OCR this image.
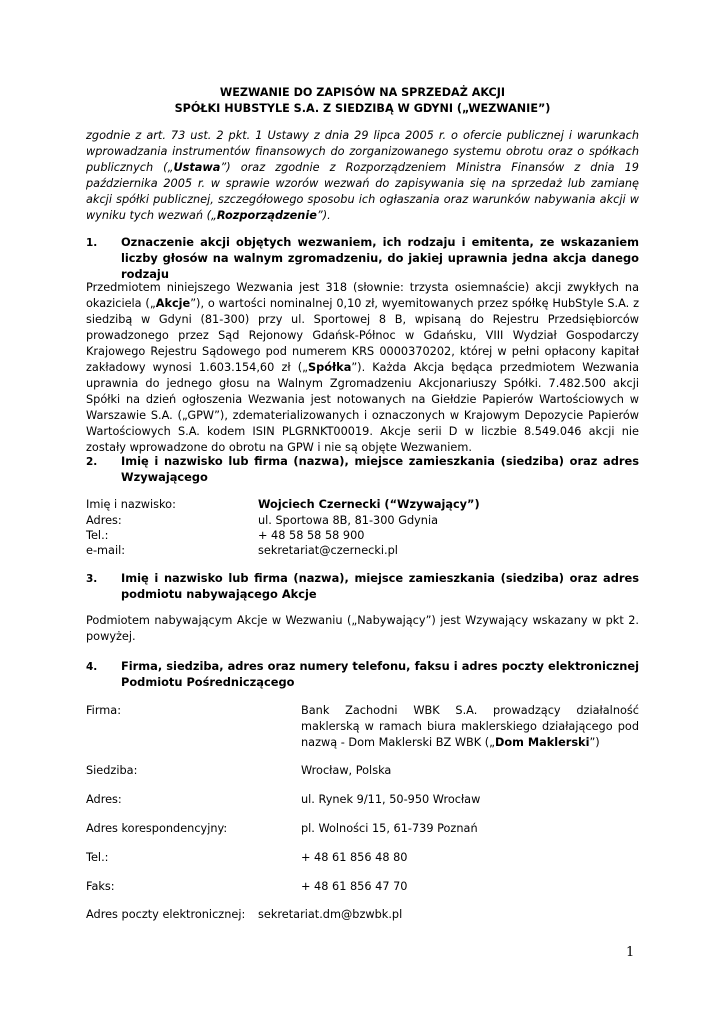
WEZWANIE DO ZAPISÓW NA SPRZEDAŻ AKCJI
SPÓŁKI HUBSTYLE S.A. Z SIEDZIBĄ W GDYNI („WEZWANIE”)
zgodnie z art. 73 ust. 2 pkt. 1 Ustawy z dnia 29 lipca 2005 r. o ofercie publicznej i warunkach wprowadzania instrumentów finansowych do zorganizowanego systemu obrotu oraz o spółkach publicznych („Ustawa”) oraz zgodnie z Rozporządzeniem Ministra Finansów z dnia 19 października 2005 r. w sprawie wzorów wezwań do zapisywania się na sprzedaż lub zamianę akcji spółki publicznej, szczegółowego sposobu ich ogłaszania oraz warunków nabywania akcji w wyniku tych wezwań („Rozporządzenie”).
1. Oznaczenie akcji objętych wezwaniem, ich rodzaju i emitenta, ze wskazaniem liczby głosów na walnym zgromadzeniu, do jakiej uprawnia jedna akcja danego rodzaju
Przedmiotem niniejszego Wezwania jest 318 (słownie: trzysta osiemnaście) akcji zwykłych na okaziciela („Akcje”), o wartości nominalnej 0,10 zł, wyemitowanych przez spółkę HubStyle S.A. z siedzibą w Gdyni (81-300) przy ul. Sportowej 8 B, wpisaną do Rejestru Przedsiębiorców prowadzonego przez Sąd Rejonowy Gdańsk-Północ w Gdańsku, VIII Wydział Gospodarczy Krajowego Rejestru Sądowego pod numerem KRS 0000370202, której w pełni opłacony kapitał zakładowy wynosi 1.603.154,60 zł („Spółka”). Każda Akcja będąca przedmiotem Wezwania uprawnia do jednego głosu na Walnym Zgromadzeniu Akcjonariuszy Spółki. 7.482.500 akcji Spółki na dzień ogłoszenia Wezwania jest notowanych na Giełdzie Papierów Wartościowych w Warszawie S.A. („GPW”), zdematerializowanych i oznaczonych w Krajowym Depozycie Papierów Wartościowych S.A. kodem ISIN PLGRNKT00019. Akcje serii D w liczbie 8.549.046 akcji nie zostały wprowadzone do obrotu na GPW i nie są objęte Wezwaniem.
2. Imię i nazwisko lub firma (nazwa), miejsce zamieszkania (siedziba) oraz adres Wzywającego
Imię i nazwisko:	Wojciech Czernecki (“Wzywający”)
Adres:	ul. Sportowa 8B, 81-300 Gdynia
Tel.:	+ 48 58 58 58 900
e-mail:	sekretariat@czernecki.pl
3. Imię i nazwisko lub firma (nazwa), miejsce zamieszkania (siedziba) oraz adres podmiotu nabywającego Akcje
Podmiotem nabywającym Akcje w Wezwaniu („Nabywający”) jest Wzywający wskazany w pkt 2. powyżej.
4. Firma, siedziba, adres oraz numery telefonu, faksu i adres poczty elektronicznej Podmiotu Pośredniczącego
Firma:	Bank Zachodni WBK S.A. prowadzący działalność maklerską w ramach biura maklerskiego działającego pod nazwą - Dom Maklerski BZ WBK („Dom Maklerski”)
Siedziba:	Wrocław, Polska
Adres:	ul. Rynek 9/11, 50-950 Wrocław
Adres korespondencyjny:	pl. Wolności 15, 61-739 Poznań
Tel.:	+ 48 61 856 48 80
Faks:	+ 48 61 856 47 70
Adres poczty elektronicznej: sekretariat.dm@bzwbk.pl
1
